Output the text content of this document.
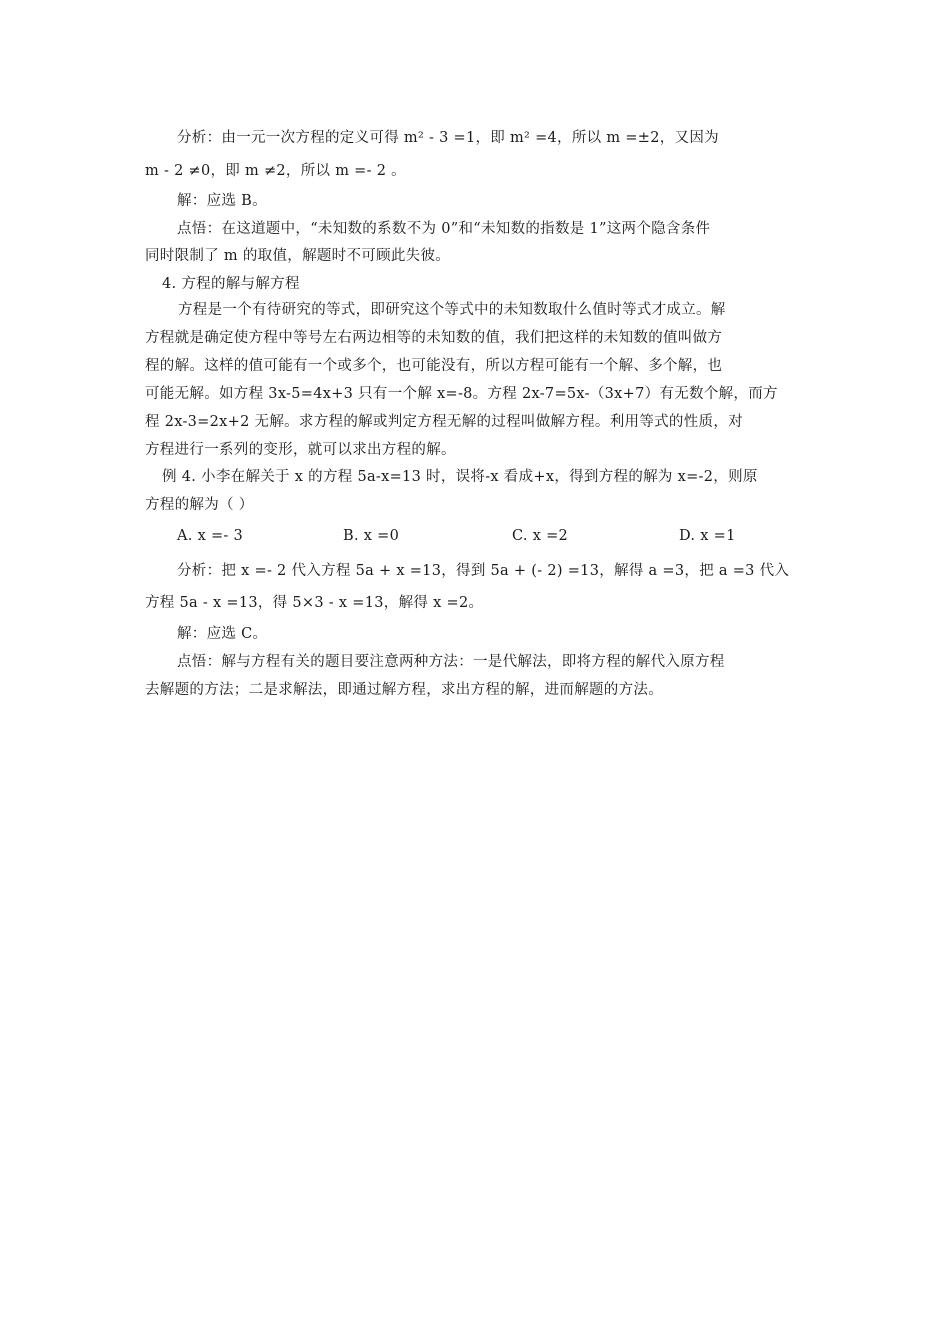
分析：由一元一次方程的定义可得 m² - 3 =1，即 m² =4，所以 m =±2，又因为
m - 2 ≠0，即 m ≠2，所以 m =- 2 。
解：应选 B。
点悟：在这道题中，“未知数的系数不为 0”和“未知数的指数是 1”这两个隐含条件
同时限制了 m 的取值，解题时不可顾此失彼。
4. 方程的解与解方程
方程是一个有待研究的等式，即研究这个等式中的未知数取什么值时等式才成立。解
方程就是确定使方程中等号左右两边相等的未知数的值，我们把这样的未知数的值叫做方
程的解。这样的值可能有一个或多个，也可能没有，所以方程可能有一个解、多个解，也
可能无解。如方程 3x-5=4x+3 只有一个解 x=-8。方程 2x-7=5x-（3x+7）有无数个解，而方
程 2x-3=2x+2 无解。求方程的解或判定方程无解的过程叫做解方程。利用等式的性质，对
方程进行一系列的变形，就可以求出方程的解。
例 4. 小李在解关于 x 的方程 5a-x=13 时，误将-x 看成+x，得到方程的解为 x=-2，则原
方程的解为（ ）
A. x =- 3	B. x =0	C. x =2	D. x =1
分析：把 x =- 2 代入方程 5a + x =13，得到 5a + (- 2) =13，解得 a =3，把 a =3 代入
方程 5a - x =13，得 5×3 - x =13，解得 x =2。
解：应选 C。
点悟：解与方程有关的题目要注意两种方法：一是代解法，即将方程的解代入原方程
去解题的方法；二是求解法，即通过解方程，求出方程的解，进而解题的方法。
